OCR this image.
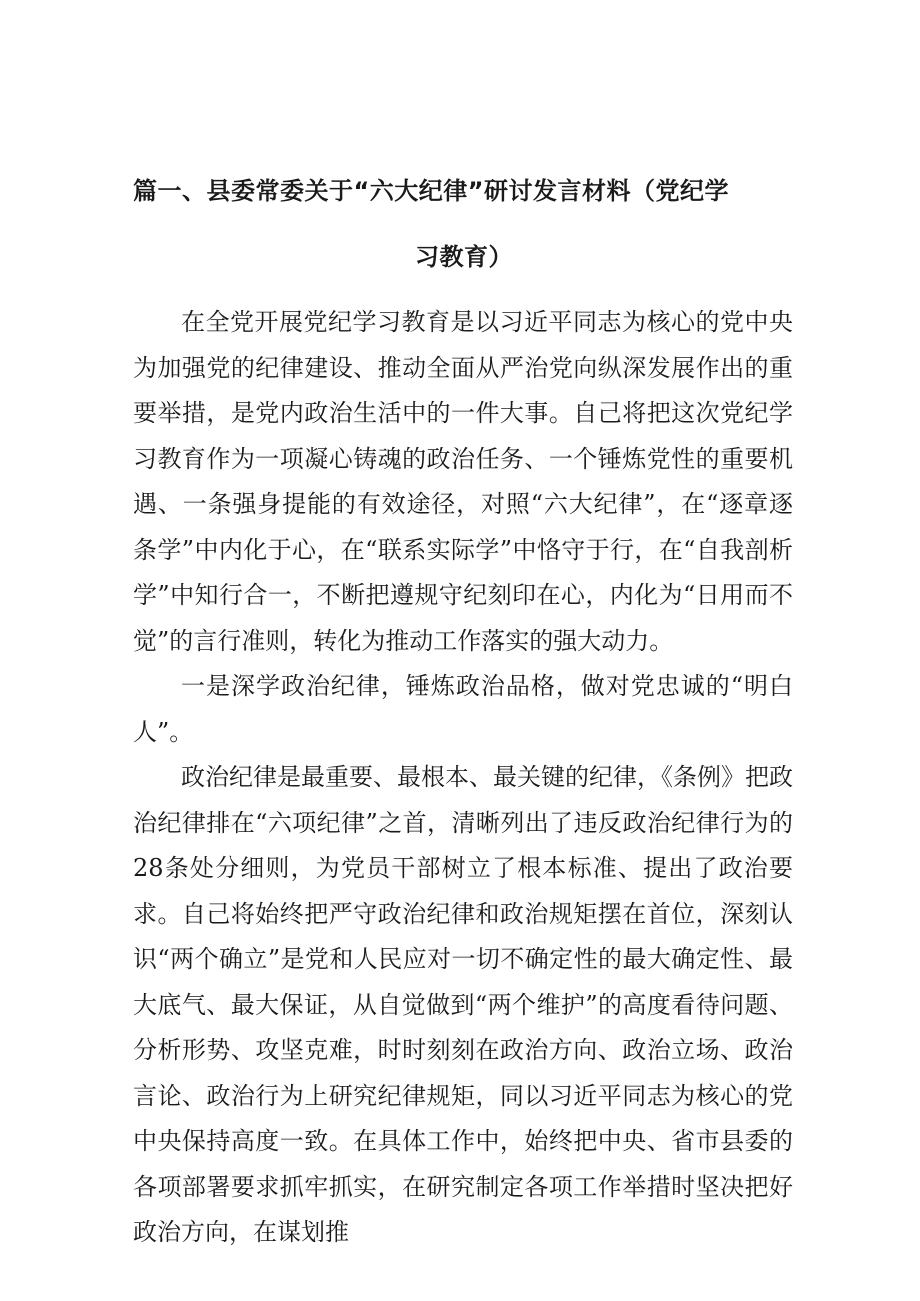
篇一、县委常委关于“六大纪律”研讨发言材料（党纪学
习教育）

在全党开展党纪学习教育是以习近平同志为核心的党中央为加强党的纪律建设、推动全面从严治党向纵深发展作出的重要举措，是党内政治生活中的一件大事。自己将把这次党纪学习教育作为一项凝心铸魂的政治任务、一个锤炼党性的重要机遇、一条强身提能的有效途径，对照“六大纪律”，在“逐章逐条学”中内化于心，在“联系实际学”中恪守于行，在“自我剖析学”中知行合一，不断把遵规守纪刻印在心，内化为“日用而不觉”的言行准则，转化为推动工作落实的强大动力。

一是深学政治纪律，锤炼政治品格，做对党忠诚的“明白人”。

政治纪律是最重要、最根本、最关键的纪律，《条例》把政治纪律排在“六项纪律”之首，清晰列出了违反政治纪律行为的28条处分细则，为党员干部树立了根本标准、提出了政治要求。自己将始终把严守政治纪律和政治规矩摆在首位，深刻认识“两个确立”是党和人民应对一切不确定性的最大确定性、最大底气、最大保证，从自觉做到“两个维护”的高度看待问题、分析形势、攻坚克难，时时刻刻在政治方向、政治立场、政治言论、政治行为上研究纪律规矩，同以习近平同志为核心的党中央保持高度一致。在具体工作中，始终把中央、省市县委的各项部署要求抓牢抓实，在研究制定各项工作举措时坚决把好政治方向，在谋划推
